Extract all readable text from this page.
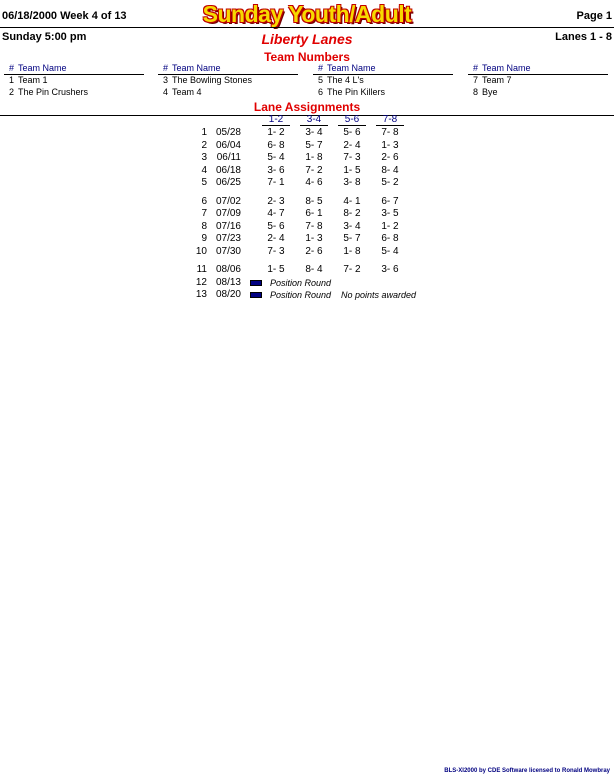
06/18/2000 Week 4 of 13	Sunday Youth/Adult	Page 1
Sunday 5:00 pm	Liberty Lanes	Lanes 1 - 8
Team Numbers
# Team Name
1 Team 1
2 The Pin Crushers
# Team Name
3 The Bowling Stones
4 Team 4
# Team Name
5 The 4 L's
6 The Pin Killers
# Team Name
7 Team 7
8 Bye
Lane Assignments
1-2	3-4	5-6	7-8
1 05/28	1- 2	3- 4	5- 6	7- 8
2 06/04	6- 8	5- 7	2- 4	1- 3
3 06/11	5- 4	1- 8	7- 3	2- 6
4 06/18	3- 6	7- 2	1- 5	8- 4
5 06/25	7- 1	4- 6	3- 8	5- 2
6 07/02	2- 3	8- 5	4- 1	6- 7
7 07/09	4- 7	6- 1	8- 2	3- 5
8 07/16	5- 6	7- 8	3- 4	1- 2
9 07/23	2- 4	1- 3	5- 7	6- 8
10 07/30	7- 3	2- 6	1- 8	5- 4
11 08/06	1- 5	8- 4	7- 2	3- 6
12 08/13	Position Round
13 08/20	Position Round No points awarded
BLS-XI2000 by CDE Software licensed to Ronald Mowbray
